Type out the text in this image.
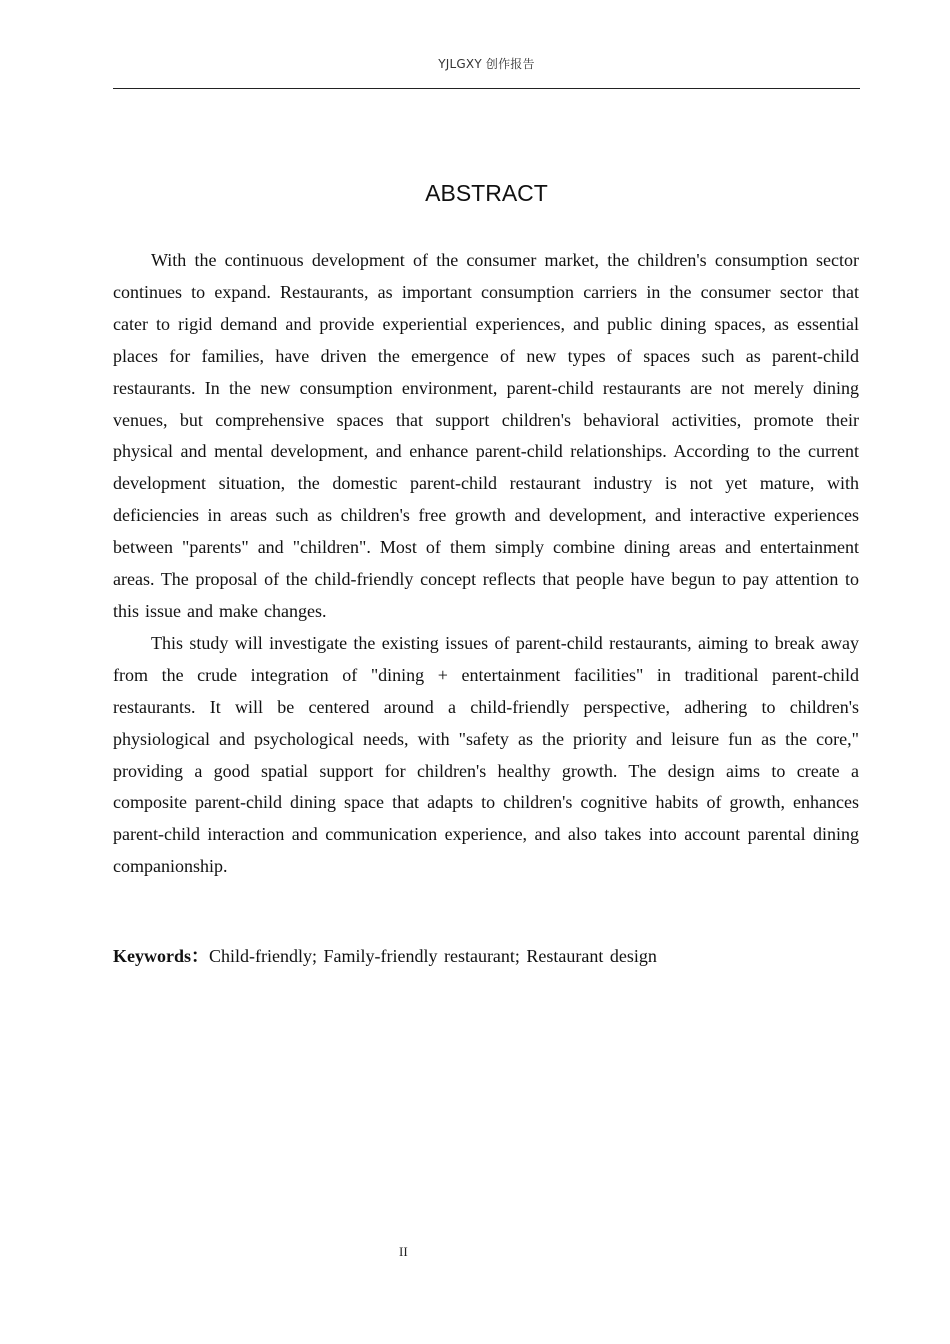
YJLGXY 创作报告
ABSTRACT

With the continuous development of the consumer market, the children's consumption sector continues to expand. Restaurants, as important consumption carriers in the consumer sector that cater to rigid demand and provide experiential experiences, and public dining spaces, as essential places for families, have driven the emergence of new types of spaces such as parent-child restaurants. In the new consumption environment, parent-child restaurants are not merely dining venues, but comprehensive spaces that support children's behavioral activities, promote their physical and mental development, and enhance parent-child relationships. According to the current development situation, the domestic parent-child restaurant industry is not yet mature, with deficiencies in areas such as children's free growth and development, and interactive experiences between "parents" and "children". Most of them simply combine dining areas and entertainment areas. The proposal of the child-friendly concept reflects that people have begun to pay attention to this issue and make changes.

This study will investigate the existing issues of parent-child restaurants, aiming to break away from the crude integration of "dining + entertainment facilities" in traditional parent-child restaurants. It will be centered around a child-friendly perspective, adhering to children's physiological and psychological needs, with "safety as the priority and leisure fun as the core," providing a good spatial support for children's healthy growth. The design aims to create a composite parent-child dining space that adapts to children's cognitive habits of growth, enhances parent-child interaction and communication experience, and also takes into account parental dining companionship.

Keywords：Child-friendly; Family-friendly restaurant; Restaurant design
II
